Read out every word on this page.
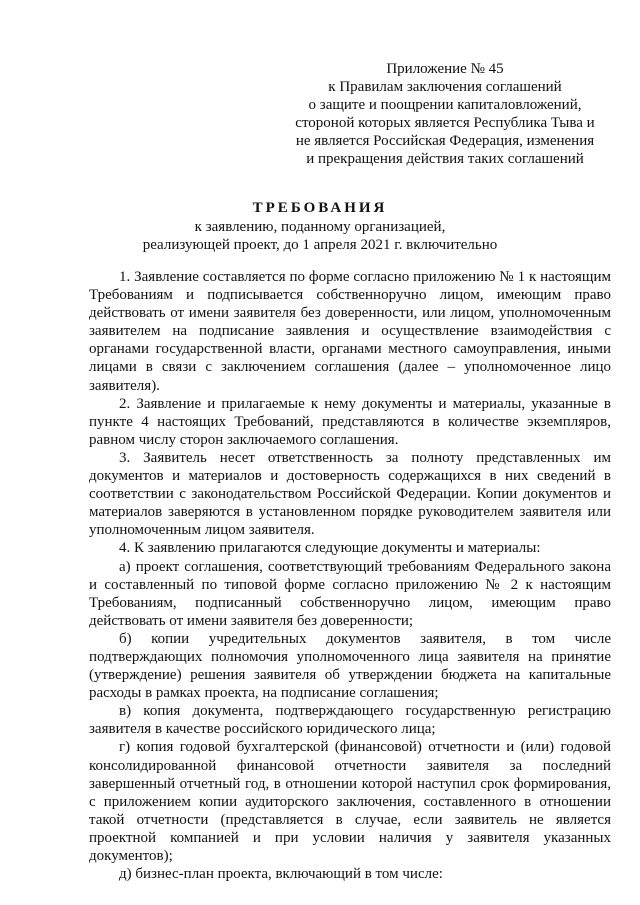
Приложение № 45
к Правилам заключения соглашений
о защите и поощрении капиталовложений,
стороной которых является Республика Тыва и
не является Российская Федерация, изменения
и прекращения действия таких соглашений
ТРЕБОВАНИЯ
к заявлению, поданному организацией,
реализующей проект, до 1 апреля 2021 г. включительно

1. Заявление составляется по форме согласно приложению № 1 к настоящим Требованиям и подписывается собственноручно лицом, имеющим право действовать от имени заявителя без доверенности, или лицом, уполномоченным заявителем на подписание заявления и осуществление взаимодействия с органами государственной власти, органами местного самоуправления, иными лицами в связи с заключением соглашения (далее – уполномоченное лицо заявителя).

2. Заявление и прилагаемые к нему документы и материалы, указанные в пункте 4 настоящих Требований, представляются в количестве экземпляров, равном числу сторон заключаемого соглашения.

3. Заявитель несет ответственность за полноту представленных им документов и материалов и достоверность содержащихся в них сведений в соответствии с законодательством Российской Федерации. Копии документов и материалов заверяются в установленном порядке руководителем заявителя или уполномоченным лицом заявителя.

4. К заявлению прилагаются следующие документы и материалы:

а) проект соглашения, соответствующий требованиям Федерального закона и составленный по типовой форме согласно приложению № 2 к настоящим Требованиям, подписанный собственноручно лицом, имеющим право действовать от имени заявителя без доверенности;

б) копии учредительных документов заявителя, в том числе подтверждающих полномочия уполномоченного лица заявителя на принятие (утверждение) решения заявителя об утверждении бюджета на капитальные расходы в рамках проекта, на подписание соглашения;

в) копия документа, подтверждающего государственную регистрацию заявителя в качестве российского юридического лица;

г) копия годовой бухгалтерской (финансовой) отчетности и (или) годовой консолидированной финансовой отчетности заявителя за последний завершенный отчетный год, в отношении которой наступил срок формирования, с приложением копии аудиторского заключения, составленного в отношении такой отчетности (представляется в случае, если заявитель не является проектной компанией и при условии наличия у заявителя указанных документов);

д) бизнес-план проекта, включающий в том числе:
